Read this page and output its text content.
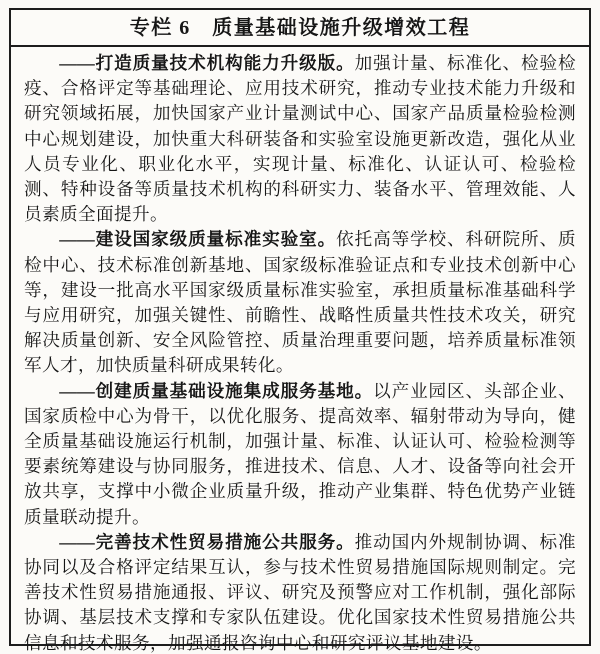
专栏 6　质量基础设施升级增效工程

——打造质量技术机构能力升级版。加强计量、标准化、检验检疫、合格评定等基础理论、应用技术研究，推动专业技术能力升级和研究领域拓展，加快国家产业计量测试中心、国家产品质量检验检测中心规划建设，加快重大科研装备和实验室设施更新改造，强化从业人员专业化、职业化水平，实现计量、标准化、认证认可、检验检测、特种设备等质量技术机构的科研实力、装备水平、管理效能、人员素质全面提升。

——建设国家级质量标准实验室。依托高等学校、科研院所、质检中心、技术标准创新基地、国家级标准验证点和专业技术创新中心等，建设一批高水平国家级质量标准实验室，承担质量标准基础科学与应用研究，加强关键性、前瞻性、战略性质量共性技术攻关，研究解决质量创新、安全风险管控、质量治理重要问题，培养质量标准领军人才，加快质量科研成果转化。

——创建质量基础设施集成服务基地。以产业园区、头部企业、国家质检中心为骨干，以优化服务、提高效率、辐射带动为导向，健全质量基础设施运行机制，加强计量、标准、认证认可、检验检测等要素统筹建设与协同服务，推进技术、信息、人才、设备等向社会开放共享，支撑中小微企业质量升级，推动产业集群、特色优势产业链质量联动提升。

——完善技术性贸易措施公共服务。推动国内外规制协调、标准协同以及合格评定结果互认，参与技术性贸易措施国际规则制定。完善技术性贸易措施通报、评议、研究及预警应对工作机制，强化部际协调、基层技术支撑和专家队伍建设。优化国家技术性贸易措施公共信息和技术服务，加强通报咨询中心和研究评议基地建设。
